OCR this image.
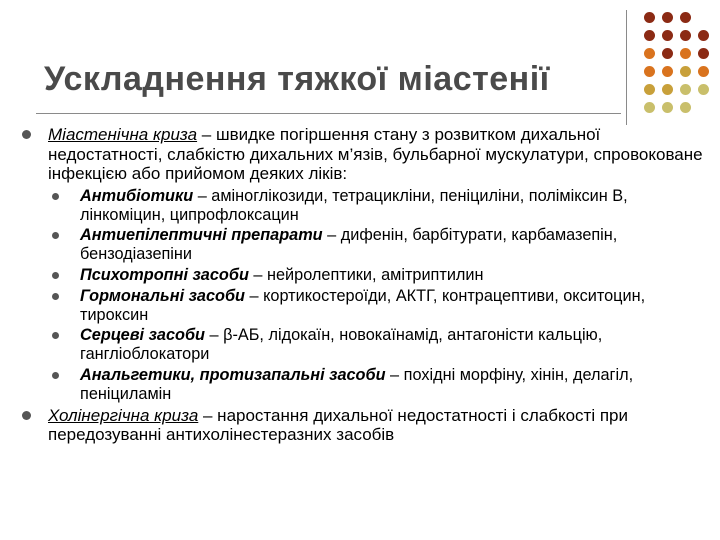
Ускладнення тяжкої міастенії
Міастенічна криза – швидке погіршення стану з розвитком дихальної недостатності, слабкістю дихальних м’язів, бульбарної мускулатури, спровоковане інфекцією або прийомом деяких ліків:
Антибіотики – аміноглікозиди, тетрацикліни, пеніциліни, поліміксин В, лінкоміцин, ципрофлоксацин
Антиепілептичні препарати – дифенін, барбітурати, карбамазепін, бензодіазепіни
Психотропні засоби – нейролептики, амітриптилин
Гормональні засоби – кортикостероїди, АКТГ, контрацептиви, окситоцин, тироксин
Серцеві засоби – β-АБ, лідокаїн, новокаїнамід, антагоністи кальцію, гангліоблокатори
Анальгетики, протизапальні засоби – похідні морфіну, хінін, делагіл, пеніциламін
Холінергічна криза – наростання дихальної недостатності і слабкості при передозуванні антихолінестеразних засобів
